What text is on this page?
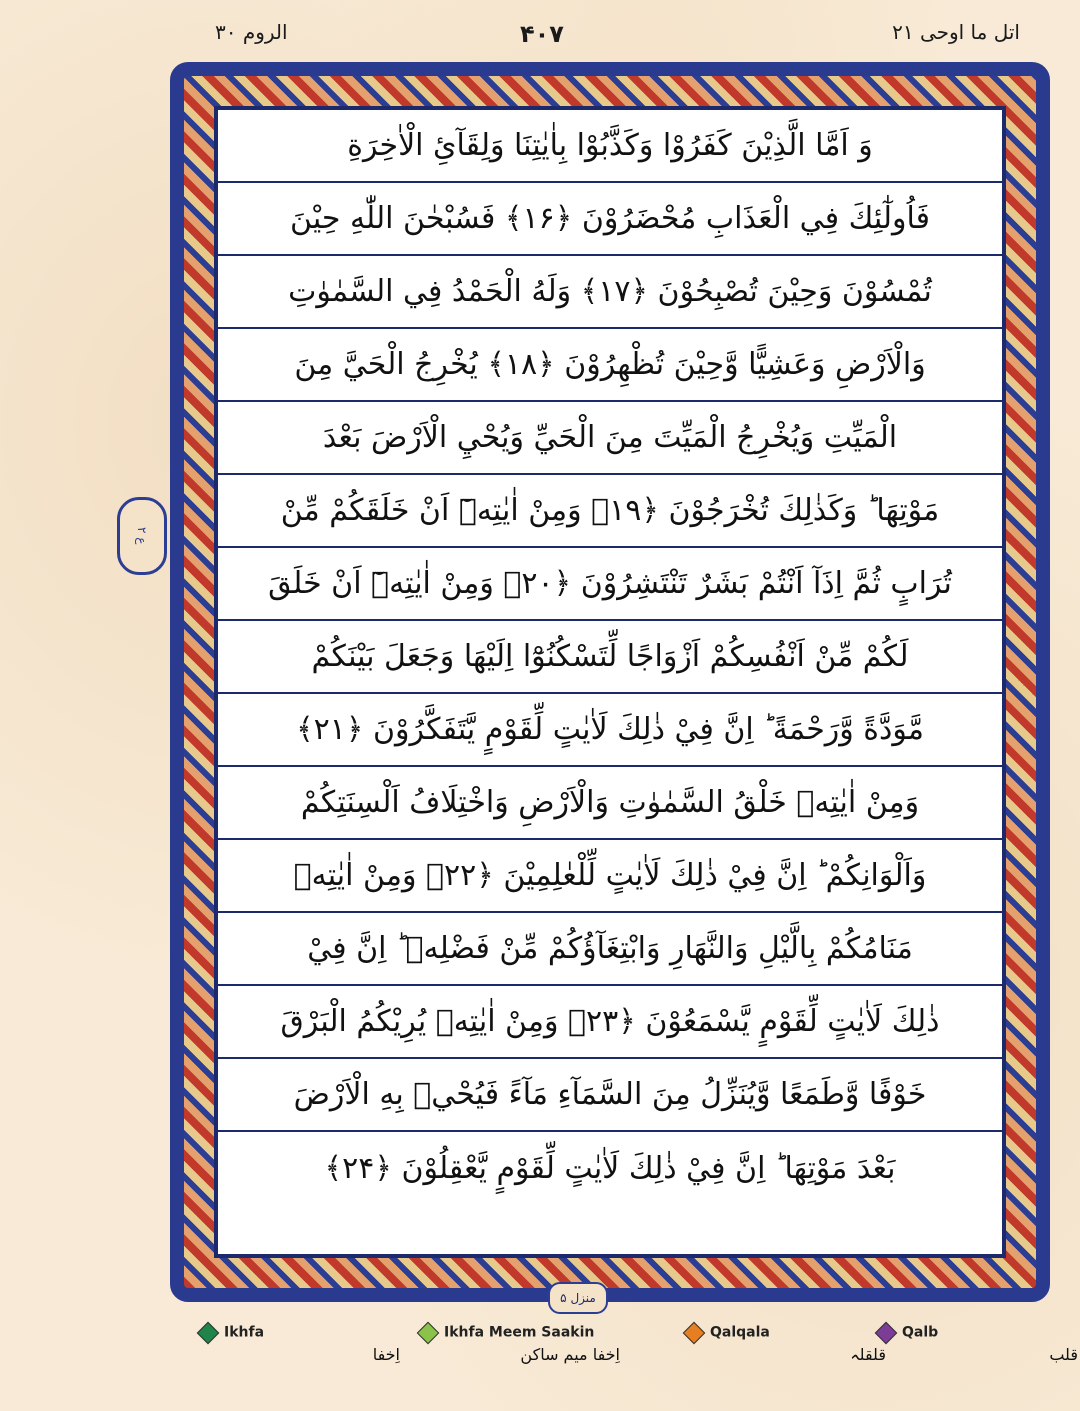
الروم ۳۰	۴۰۷	اتل ما اوحی ۲۱
ع ۲
وَ اَمَّا الَّذِيْنَ كَفَرُوْا وَكَذَّبُوْا بِاٰيٰتِنَا وَلِقَآئِ الْاٰخِرَةِ
فَاُولٰٓئِكَ فِي الْعَذَابِ مُحْضَرُوْنَ ﴿۱۶﴾ فَسُبْحٰنَ اللّٰهِ حِيْنَ
تُمْسُوْنَ وَحِيْنَ تُصْبِحُوْنَ ﴿۱۷﴾ وَلَهُ الْحَمْدُ فِي السَّمٰوٰتِ
وَالْاَرْضِ وَعَشِيًّا وَّحِيْنَ تُظْهِرُوْنَ ﴿۱۸﴾ يُخْرِجُ الْحَيَّ مِنَ
الْمَيِّتِ وَيُخْرِجُ الْمَيِّتَ مِنَ الْحَيِّ وَيُحْيِ الْاَرْضَ بَعْدَ
مَوْتِهَا ؕ وَكَذٰلِكَ تُخْرَجُوْنَ ﴿۱۹﴾ وَمِنْ اٰيٰتِهٖٓ اَنْ خَلَقَكُمْ مِّنْ
تُرَابٍ ثُمَّ اِذَآ اَنْتُمْ بَشَرٌ تَنْتَشِرُوْنَ ﴿۲۰﴾ وَمِنْ اٰيٰتِهٖٓ اَنْ خَلَقَ
لَكُمْ مِّنْ اَنْفُسِكُمْ اَزْوَاجًا لِّتَسْكُنُوْٓا اِلَيْهَا وَجَعَلَ بَيْنَكُمْ
مَّوَدَّةً وَّرَحْمَةً ؕ اِنَّ فِيْ ذٰلِكَ لَاٰيٰتٍ لِّقَوْمٍ يَّتَفَكَّرُوْنَ ﴿۲۱﴾
وَمِنْ اٰيٰتِهٖ خَلْقُ السَّمٰوٰتِ وَالْاَرْضِ وَاخْتِلَافُ اَلْسِنَتِكُمْ
وَاَلْوَانِكُمْ ؕ اِنَّ فِيْ ذٰلِكَ لَاٰيٰتٍ لِّلْعٰلِمِيْنَ ﴿۲۲﴾ وَمِنْ اٰيٰتِهٖ
مَنَامُكُمْ بِالَّيْلِ وَالنَّهَارِ وَابْتِغَآؤُكُمْ مِّنْ فَضْلِهٖ ؕ اِنَّ فِيْ
ذٰلِكَ لَاٰيٰتٍ لِّقَوْمٍ يَّسْمَعُوْنَ ﴿۲۳﴾ وَمِنْ اٰيٰتِهٖ يُرِيْكُمُ الْبَرْقَ
خَوْفًا وَّطَمَعًا وَّيُنَزِّلُ مِنَ السَّمَآءِ مَآءً فَيُحْيٖ بِهِ الْاَرْضَ
بَعْدَ مَوْتِهَا ؕ اِنَّ فِيْ ذٰلِكَ لَاٰيٰتٍ لِّقَوْمٍ يَّعْقِلُوْنَ ﴿۲۴﴾
منزل ۵
Ikhfa
اِخفا
Ikhfa Meem Saakin
اِخفا میم ساکن
Qalqala
قلقلہ
Qalb
قلب
